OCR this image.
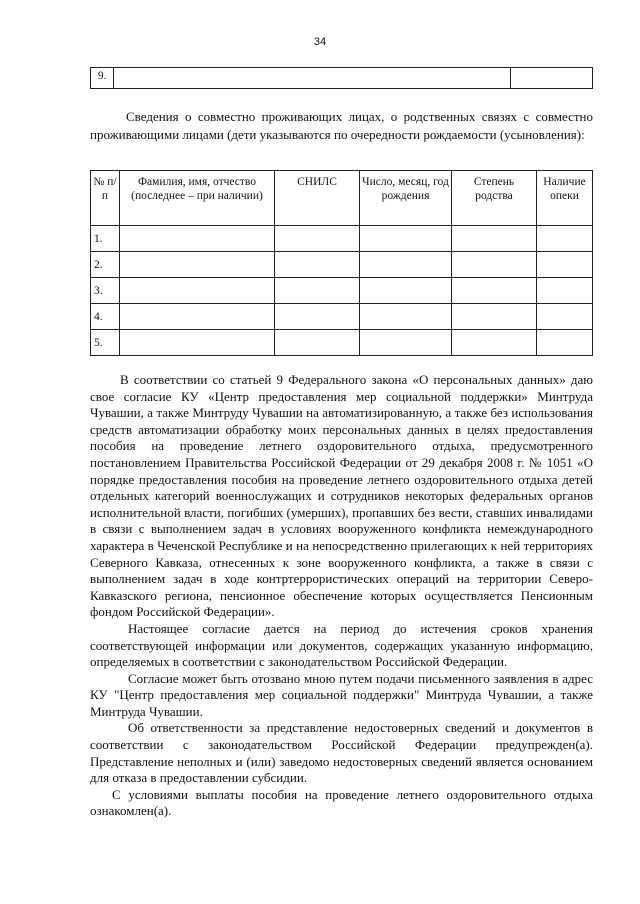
34
9.		

Сведения о совместно проживающих лицах, о родственных связях с совместно проживающими лицами (дети указываются по очередности рождаемости (усыновления):

№ п/п	Фамилия, имя, отчество (последнее – при наличии)	СНИЛС	Число, месяц, год рождения	Степень родства	Наличие опеки
1.					
2.					
3.					
4.					
5.					

В соответствии со статьей 9 Федерального закона «О персональных данных» даю свое согласие КУ «Центр предоставления мер социальной поддержки» Минтруда Чувашии, а также Минтруду Чувашии на автоматизированную, а также без использования средств автоматизации обработку моих персональных данных в целях предоставления пособия на проведение летнего оздоровительного отдыха, предусмотренного постановлением Правительства Российской Федерации от 29 декабря 2008 г. № 1051 «О порядке предоставления пособия на проведение летнего оздоровительного отдыха детей отдельных категорий военнослужащих и сотрудников некоторых федеральных органов исполнительной власти, погибших (умерших), пропавших без вести, ставших инвалидами в связи с выполнением задач в условиях вооруженного конфликта немеждународного характера в Чеченской Республике и на непосредственно прилегающих к ней территориях Северного Кавказа, отнесенных к зоне вооруженного конфликта, а также в связи с выполнением задач в ходе контртеррористических операций на территории Северо-Кавказского региона, пенсионное обеспечение которых осуществляется Пенсионным фондом Российской Федерации».

Настоящее согласие дается на период до истечения сроков хранения соответствующей информации или документов, содержащих указанную информацию, определяемых в соответствии с законодательством Российской Федерации.

Согласие может быть отозвано мною путем подачи письменного заявления в адрес КУ "Центр предоставления мер социальной поддержки" Минтруда Чувашии, а также Минтруда Чувашии.

Об ответственности за представление недостоверных сведений и документов в соответствии с законодательством Российской Федерации предупрежден(а). Представление неполных и (или) заведомо недостоверных сведений является основанием для отказа в предоставлении субсидии.

С условиями выплаты пособия на проведение летнего оздоровительного отдыха ознакомлен(а).
